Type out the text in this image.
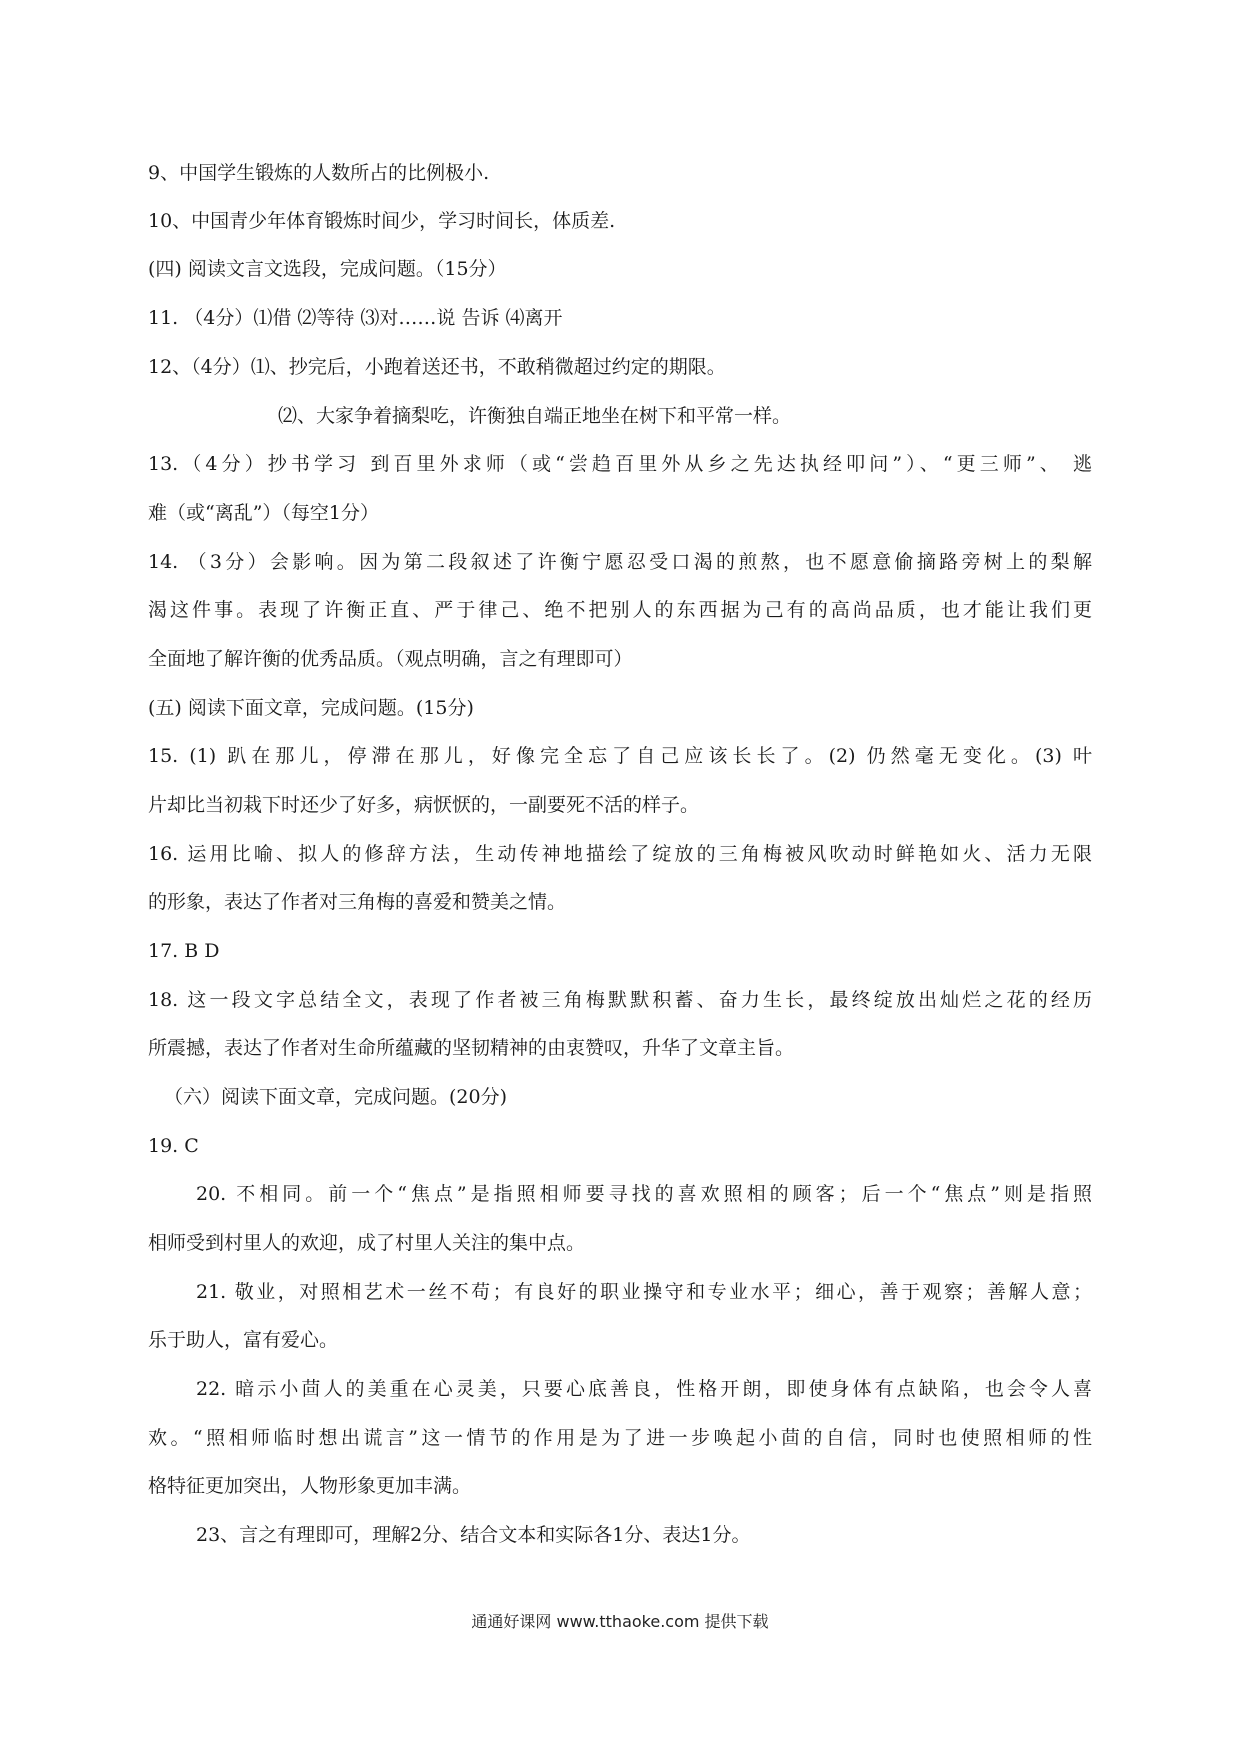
9、中国学生锻炼的人数所占的比例极小.
10、中国青少年体育锻炼时间少，学习时间长，体质差.
(四) 阅读文言文选段，完成问题。（15分）
11. （4分）⑴借 ⑵等待 ⑶对……说 告诉 ⑷离开
12、（4分）⑴、抄完后，小跑着送还书，不敢稍微超过约定的期限。
⑵、大家争着摘梨吃，许衡独自端正地坐在树下和平常一样。
13.（4分）抄书学习 到百里外求师（或“尝趋百里外从乡之先达执经叩问”）、“更三师”、 逃
难（或“离乱”）（每空1分）
14. （3分）会影响。因为第二段叙述了许衡宁愿忍受口渴的煎熬，也不愿意偷摘路旁树上的梨解
渴这件事。表现了许衡正直、严于律己、绝不把别人的东西据为己有的高尚品质，也才能让我们更
全面地了解许衡的优秀品质。（观点明确，言之有理即可）
(五) 阅读下面文章，完成问题。(15分)
15. (1) 趴在那儿，停滞在那儿，好像完全忘了自己应该长长了。(2) 仍然毫无变化。(3) 叶
片却比当初栽下时还少了好多，病恹恹的，一副要死不活的样子。
16. 运用比喻、拟人的修辞方法，生动传神地描绘了绽放的三角梅被风吹动时鲜艳如火、活力无限
的形象，表达了作者对三角梅的喜爱和赞美之情。
17. B D
18. 这一段文字总结全文，表现了作者被三角梅默默积蓄、奋力生长，最终绽放出灿烂之花的经历
所震撼，表达了作者对生命所蕴藏的坚韧精神的由衷赞叹，升华了文章主旨。
（六）阅读下面文章，完成问题。(20分)
19. C
20. 不相同。前一个“焦点”是指照相师要寻找的喜欢照相的顾客；后一个“焦点”则是指照
相师受到村里人的欢迎，成了村里人关注的集中点。
21. 敬业，对照相艺术一丝不苟；有良好的职业操守和专业水平；细心，善于观察；善解人意；
乐于助人，富有爱心。
22. 暗示小茴人的美重在心灵美，只要心底善良，性格开朗，即使身体有点缺陷，也会令人喜
欢。“照相师临时想出谎言”这一情节的作用是为了进一步唤起小茴的自信，同时也使照相师的性
格特征更加突出，人物形象更加丰满。
23、言之有理即可，理解2分、结合文本和实际各1分、表达1分。
通通好课网 www.tthaoke.com 提供下载
